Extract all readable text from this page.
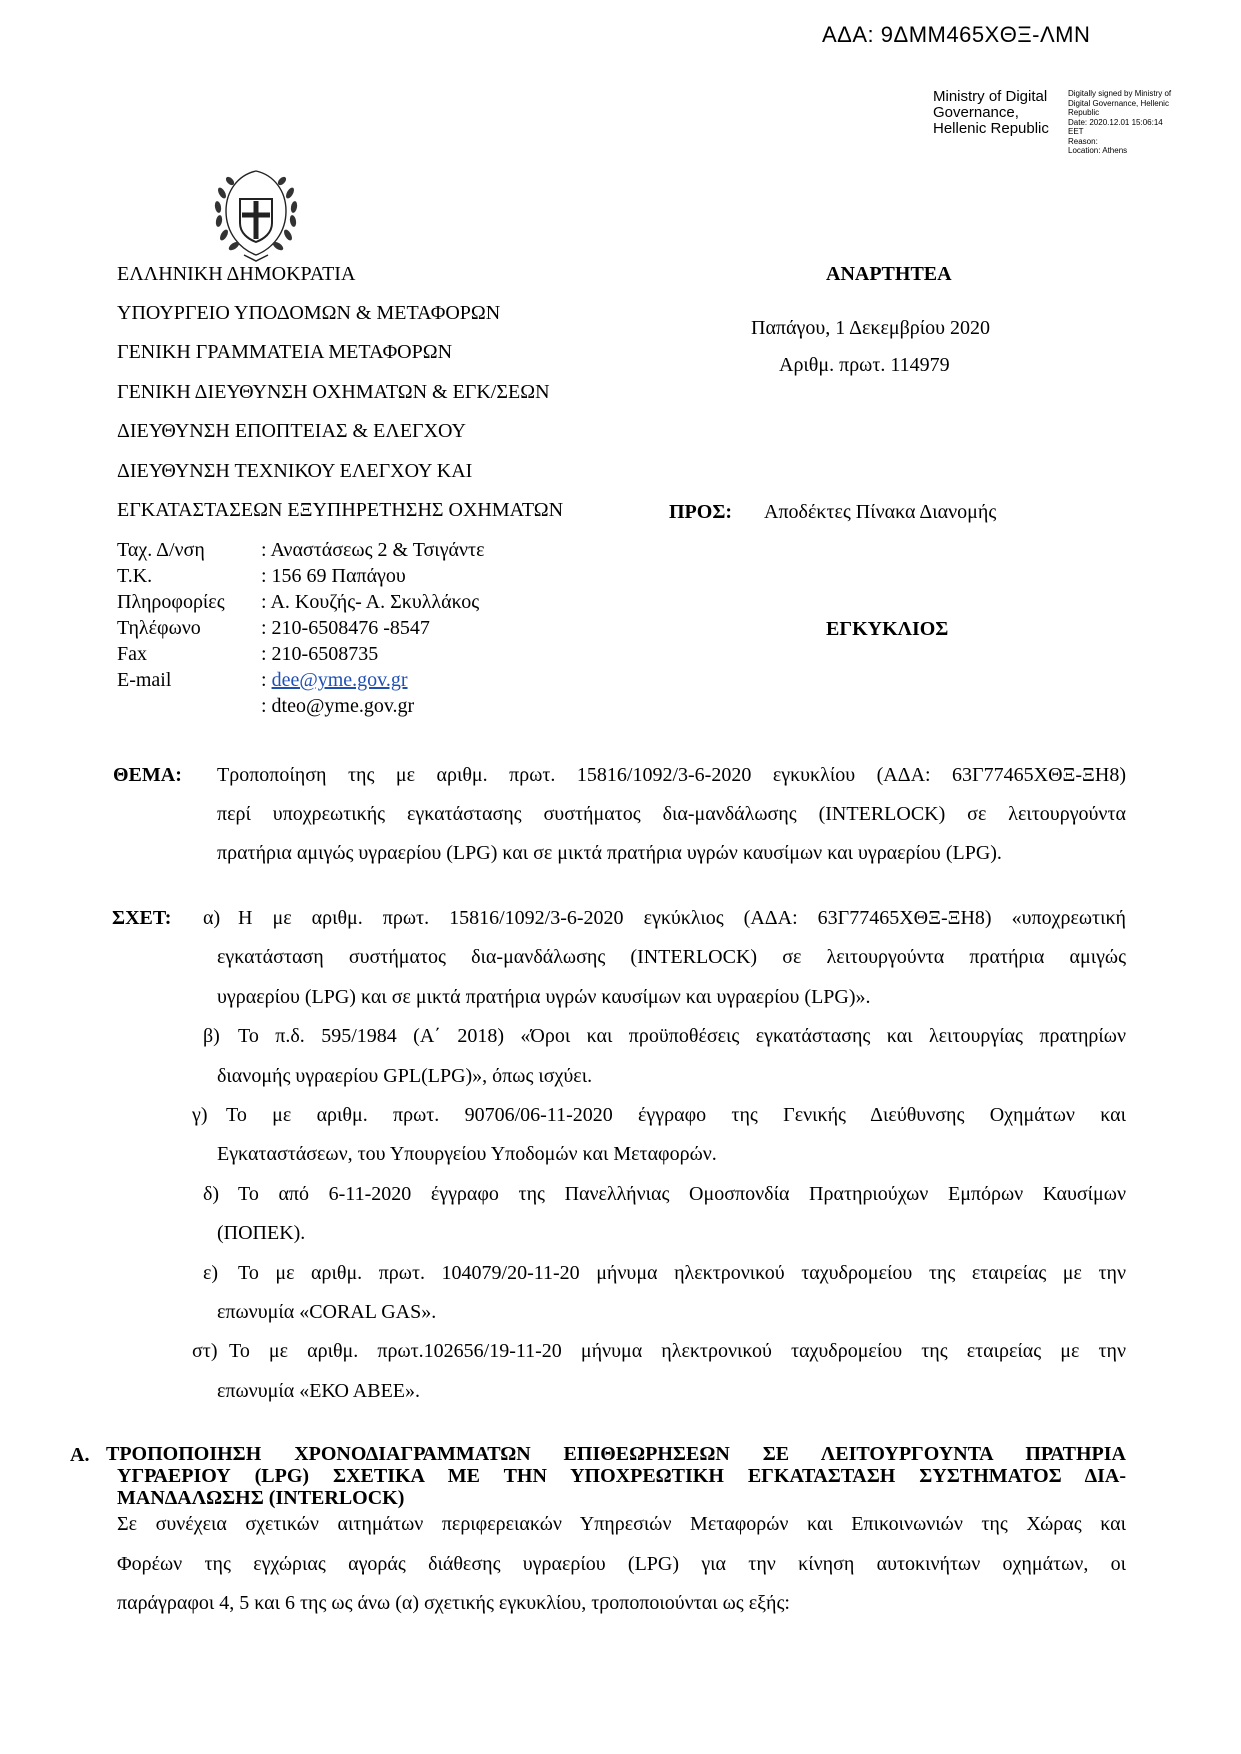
ΑΔΑ: 9ΔΜΜ465ΧΘΞ-ΛΜΝ
Ministry of Digital
Governance,
Hellenic Republic
Digitally signed by Ministry of
Digital Governance, Hellenic
Republic
Date: 2020.12.01 15:06:14
EET
Reason:
Location: Athens
ΕΛΛΗΝΙΚΗ ΔΗΜΟΚΡΑΤΙΑ
ΥΠΟΥΡΓΕΙΟ ΥΠΟΔΟΜΩΝ & ΜΕΤΑΦΟΡΩΝ
ΓΕΝΙΚΗ ΓΡΑΜΜΑΤΕΙΑ ΜΕΤΑΦΟΡΩΝ
ΓΕΝΙΚΗ ΔΙΕΥΘΥΝΣΗ ΟΧΗΜΑΤΩΝ & ΕΓΚ/ΣΕΩΝ
ΔΙΕΥΘΥΝΣΗ ΕΠΟΠΤΕΙΑΣ & ΕΛΕΓΧΟΥ
ΔΙΕΥΘΥΝΣΗ ΤΕΧΝΙΚΟΥ ΕΛΕΓΧΟΥ ΚΑΙ
ΕΓΚΑΤΑΣΤΑΣΕΩΝ ΕΞΥΠΗΡΕΤΗΣΗΣ ΟΧΗΜΑΤΩΝ
ΑΝΑΡΤΗΤΕΑ
Παπάγου, 1 Δεκεμβρίου 2020
Αριθμ. πρωτ. 114979
ΠΡΟΣ: Αποδέκτες Πίνακα Διανομής
ΕΓΚΥΚΛΙΟΣ
Ταχ. Δ/νση	: Αναστάσεως 2 & Τσιγάντε
Τ.Κ.	: 156 69 Παπάγου
Πληροφορίες : Α. Κουζής- Α. Σκυλλάκος
Τηλέφωνο	: 210-6508476 -8547
Fax	: 210-6508735
E-mail	: dee@yme.gov.gr
: dteo@yme.gov.gr
ΘΕΜΑ: Τροποποίηση της με αριθμ. πρωτ. 15816/1092/3-6-2020 εγκυκλίου (ΑΔΑ: 63Γ77465ΧΘΞ-ΞΗ8)
περί υποχρεωτικής εγκατάστασης συστήματος δια-μανδάλωσης (INTERLOCK) σε λειτουργούντα
πρατήρια αμιγώς υγραερίου (LPG) και σε μικτά πρατήρια υγρών καυσίμων και υγραερίου (LPG).
ΣΧΕΤ: α) Η με αριθμ. πρωτ. 15816/1092/3-6-2020 εγκύκλιος (ΑΔΑ: 63Γ77465ΧΘΞ-ΞΗ8) «υποχρεωτική
εγκατάσταση συστήματος δια-μανδάλωσης (INTERLOCK) σε λειτουργούντα πρατήρια αμιγώς
υγραερίου (LPG) και σε μικτά πρατήρια υγρών καυσίμων και υγραερίου (LPG)».
β) Το π.δ. 595/1984 (Α΄ 2018) «Όροι και προϋποθέσεις εγκατάστασης και λειτουργίας πρατηρίων
διανομής υγραερίου GPL(LPG)», όπως ισχύει.
γ) Το με αριθμ. πρωτ. 90706/06-11-2020 έγγραφο της Γενικής Διεύθυνσης Οχημάτων και
Εγκαταστάσεων, του Υπουργείου Υποδομών και Μεταφορών.
δ) Το από 6-11-2020 έγγραφο της Πανελλήνιας Ομοσπονδία Πρατηριούχων Εμπόρων Καυσίμων
(ΠΟΠΕΚ).
ε) Το με αριθμ. πρωτ. 104079/20-11-20 μήνυμα ηλεκτρονικού ταχυδρομείου της εταιρείας με την
επωνυμία «CORAL GAS».
στ) Το με αριθμ. πρωτ.102656/19-11-20 μήνυμα ηλεκτρονικού ταχυδρομείου της εταιρείας με την
επωνυμία «ΕΚΟ ΑΒΕΕ».
Α. ΤΡΟΠΟΠΟΙΗΣΗ ΧΡΟΝΟΔΙΑΓΡΑΜΜΑΤΩΝ ΕΠΙΘΕΩΡΗΣΕΩΝ ΣΕ ΛΕΙΤΟΥΡΓΟΥΝΤΑ ΠΡΑΤΗΡΙΑ
ΥΓΡΑΕΡΙΟΥ (LPG) ΣΧΕΤΙΚΑ ΜΕ ΤΗΝ ΥΠΟΧΡΕΩΤΙΚΗ ΕΓΚΑΤΑΣΤΑΣΗ ΣΥΣΤΗΜΑΤΟΣ ΔΙΑ-
ΜΑΝΔΑΛΩΣΗΣ (INTERLOCK)
Σε συνέχεια σχετικών αιτημάτων περιφερειακών Υπηρεσιών Μεταφορών και Επικοινωνιών της Χώρας και
Φορέων της εγχώριας αγοράς διάθεσης υγραερίου (LPG) για την κίνηση αυτοκινήτων οχημάτων, οι
παράγραφοι 4, 5 και 6 της ως άνω (α) σχετικής εγκυκλίου, τροποποιούνται ως εξής:
